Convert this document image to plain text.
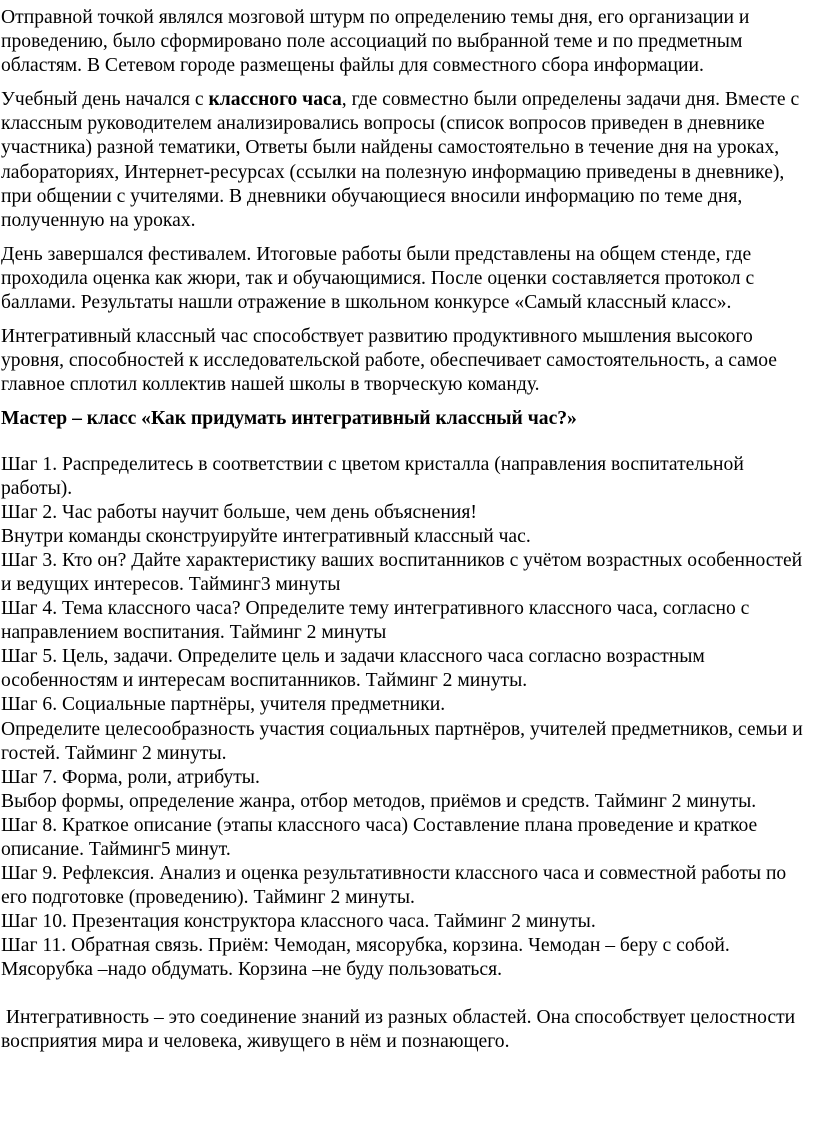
Отправной точкой являлся мозговой штурм по определению темы дня, его организации и проведению, было сформировано поле ассоциаций по выбранной теме и по предметным областям. В Сетевом городе размещены файлы для совместного сбора информации.

Учебный день начался с классного часа, где совместно были определены задачи дня. Вместе с классным руководителем анализировались вопросы (список вопросов приведен в дневнике участника) разной тематики, Ответы были найдены самостоятельно в течение дня на уроках, лабораториях, Интернет-ресурсах (ссылки на полезную информацию приведены в дневнике), при общении с учителями. В дневники обучающиеся вносили информацию по теме дня, полученную на уроках.

День завершался фестивалем. Итоговые работы были представлены на общем стенде, где проходила оценка как жюри, так и обучающимися. После оценки составляется протокол с баллами. Результаты нашли отражение в школьном конкурсе «Самый классный класс».

Интегративный классный час способствует развитию продуктивного мышления высокого уровня, способностей к исследовательской работе, обеспечивает самостоятельность, а самое главное сплотил коллектив нашей школы в творческую команду.

Мастер – класс «Как придумать интегративный классный час?»

Шаг 1. Распределитесь в соответствии с цветом кристалла (направления воспитательной работы).
Шаг 2. Час работы научит больше, чем день объяснения!
Внутри команды сконструируйте интегративный классный час.
Шаг 3. Кто он? Дайте характеристику ваших воспитанников с учётом возрастных особенностей и ведущих интересов. Тайминг3 минуты
Шаг 4. Тема классного часа? Определите тему интегративного классного часа, согласно с направлением воспитания. Тайминг 2 минуты
Шаг 5. Цель, задачи. Определите цель и задачи классного часа согласно возрастным особенностям и интересам воспитанников. Тайминг 2 минуты.
Шаг 6. Социальные партнёры, учителя предметники.
Определите целесообразность участия социальных партнёров, учителей предметников, семьи и гостей. Тайминг 2 минуты.
Шаг 7. Форма, роли, атрибуты.
Выбор формы, определение жанра, отбор методов, приёмов и средств. Тайминг 2 минуты.
Шаг 8. Краткое описание (этапы классного часа) Составление плана проведение и краткое описание. Тайминг5 минут.
Шаг 9. Рефлексия. Анализ и оценка результативности классного часа и совместной работы по его подготовке (проведению). Тайминг 2 минуты.
Шаг 10. Презентация конструктора классного часа. Тайминг 2 минуты.
Шаг 11. Обратная связь. Приём: Чемодан, мясорубка, корзина. Чемодан – беру с собой. Мясорубка –надо обдумать. Корзина –не буду пользоваться.

Интегративность – это соединение знаний из разных областей. Она способствует целостности восприятия мира и человека, живущего в нём и познающего.
